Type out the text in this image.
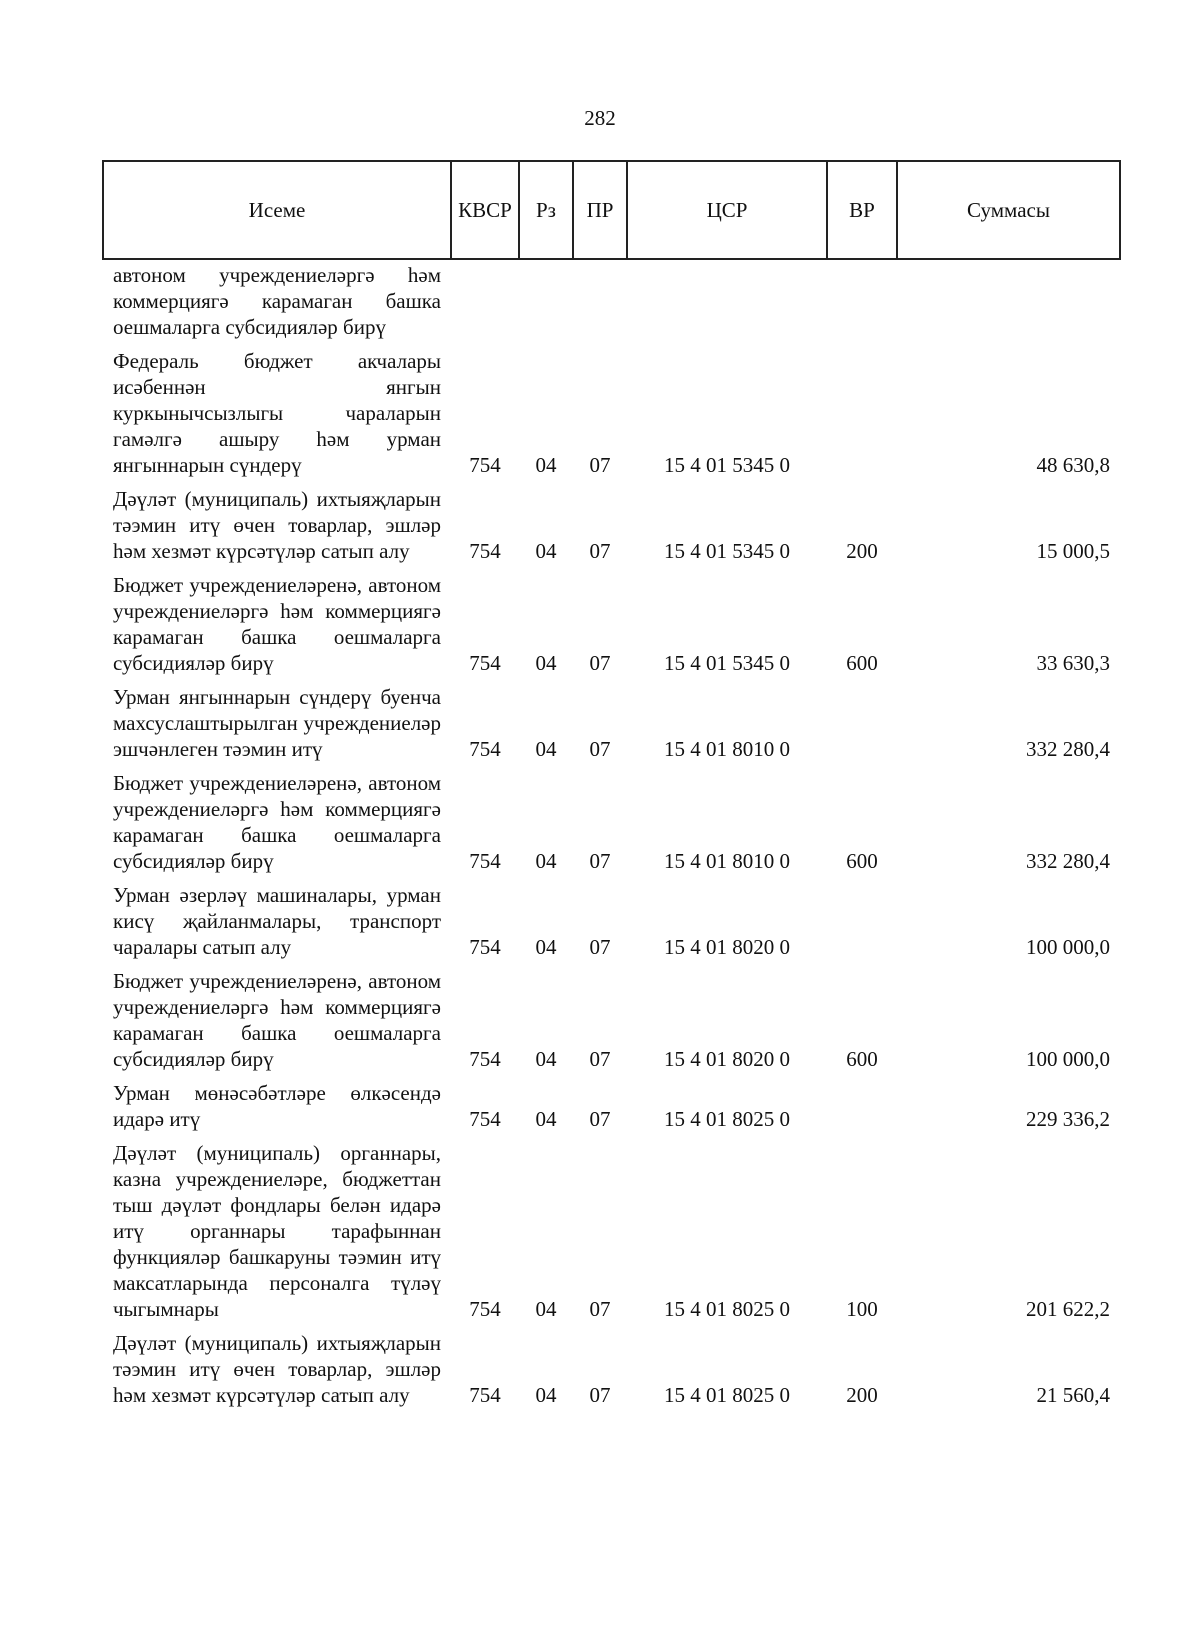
282
Исеме	КВСР	Рз	ПР	ЦСР	ВР	Суммасы
автоном учреждениеләргә һәм коммерциягә карамаган башка оешмаларга субсидияләр бирү						
Федераль бюджет акчалары исәбеннән янгын куркынычсызлыгы чараларын гамәлгә ашыру һәм урман янгыннарын сүндерү	754	04	07	15 4 01 5345 0		48 630,8
Дәүләт (муниципаль) ихтыяҗларын тәэмин итү өчен товарлар, эшләр һәм хезмәт күрсәтүләр сатып алу	754	04	07	15 4 01 5345 0	200	15 000,5
Бюджет учреждениеләренә, автоном учреждениеләргә һәм коммерциягә карамаган башка оешмаларга субсидияләр бирү	754	04	07	15 4 01 5345 0	600	33 630,3
Урман янгыннарын сүндерү буенча махсуслаштырылган учреждениеләр эшчәнлеген тәэмин итү	754	04	07	15 4 01 8010 0		332 280,4
Бюджет учреждениеләренә, автоном учреждениеләргә һәм коммерциягә карамаган башка оешмаларга субсидияләр бирү	754	04	07	15 4 01 8010 0	600	332 280,4
Урман әзерләү машиналары, урман кисү җайланмалары, транспорт чаралары сатып алу	754	04	07	15 4 01 8020 0		100 000,0
Бюджет учреждениеләренә, автоном учреждениеләргә һәм коммерциягә карамаган башка оешмаларга субсидияләр бирү	754	04	07	15 4 01 8020 0	600	100 000,0
Урман мөнәсәбәтләре өлкәсендә идарә итү	754	04	07	15 4 01 8025 0		229 336,2
Дәүләт (муниципаль) органнары, казна учреждениеләре, бюджеттан тыш дәүләт фондлары белән идарә итү органнары тарафыннан функцияләр башкаруны тәэмин итү максатларында персоналга түләү чыгымнары	754	04	07	15 4 01 8025 0	100	201 622,2
Дәүләт (муниципаль) ихтыяҗларын тәэмин итү өчен товарлар, эшләр һәм хезмәт күрсәтүләр сатып алу	754	04	07	15 4 01 8025 0	200	21 560,4
